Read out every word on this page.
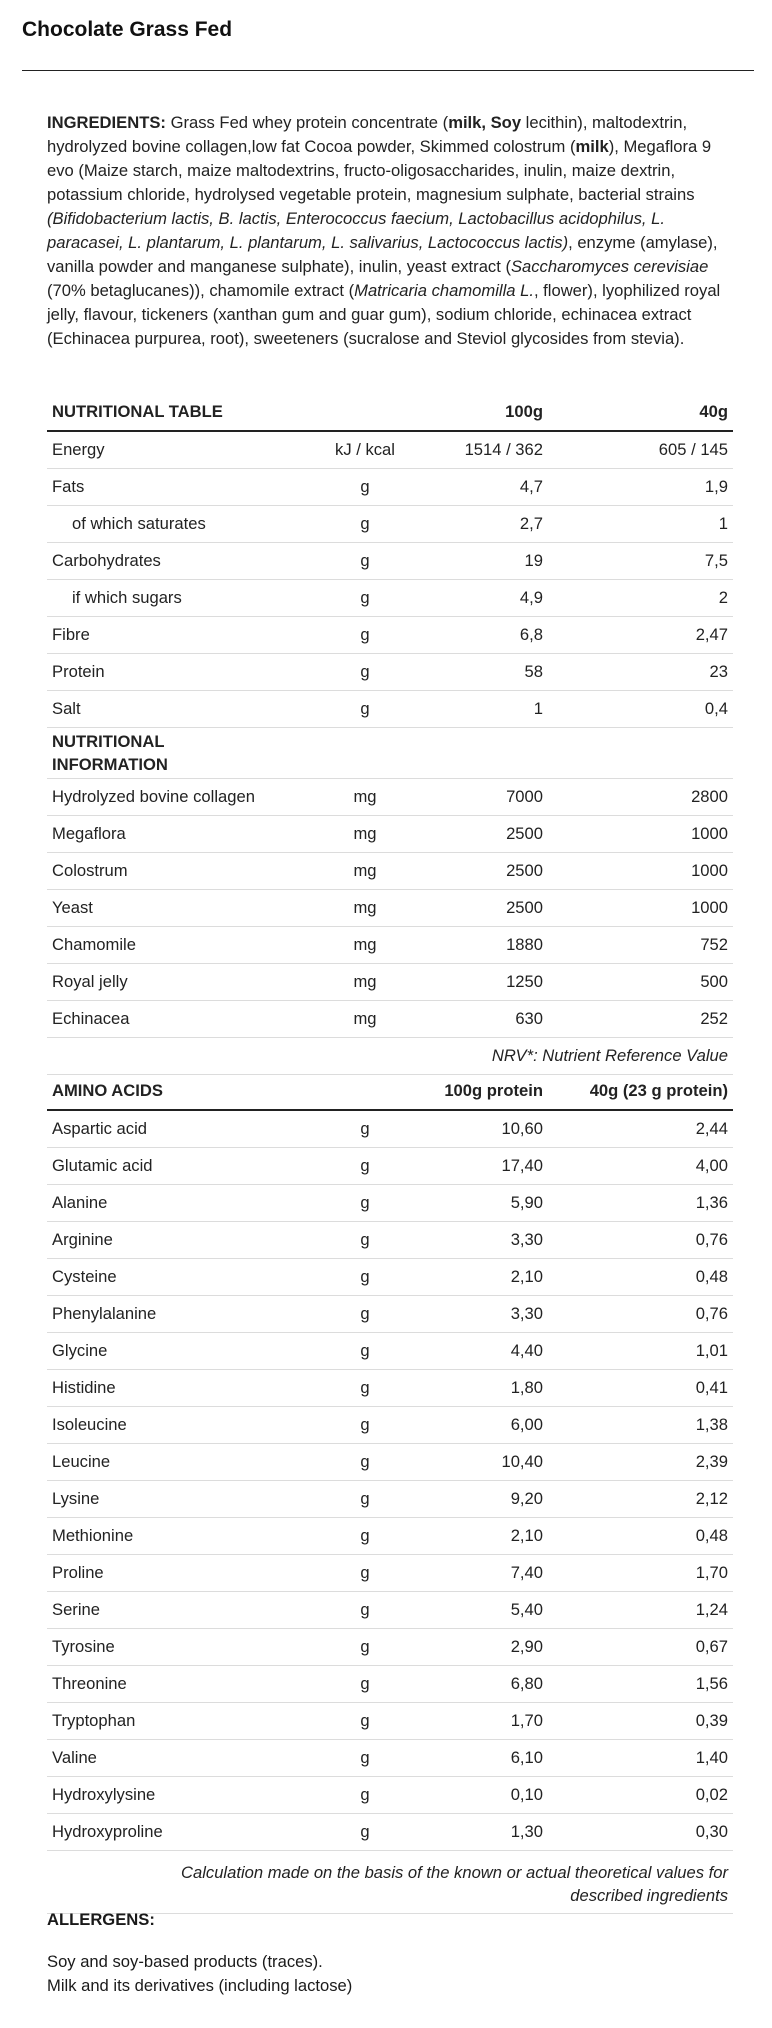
Chocolate Grass Fed
INGREDIENTS: Grass Fed whey protein concentrate (milk, Soy lecithin), maltodextrin, hydrolyzed bovine collagen,low fat Cocoa powder, Skimmed colostrum (milk), Megaflora 9 evo (Maize starch, maize maltodextrins, fructo-oligosaccharides, inulin, maize dextrin, potassium chloride, hydrolysed vegetable protein, magnesium sulphate, bacterial strains (Bifidobacterium lactis, B. lactis, Enterococcus faecium, Lactobacillus acidophilus, L. paracasei, L. plantarum, L. plantarum, L. salivarius, Lactococcus lactis), enzyme (amylase), vanilla powder and manganese sulphate), inulin, yeast extract (Saccharomyces cerevisiae (70% betaglucanes)), chamomile extract (Matricaria chamomilla L., flower), lyophilized royal jelly, flavour, tickeners (xanthan gum and guar gum), sodium chloride, echinacea extract (Echinacea purpurea, root), sweeteners (sucralose and Steviol glycosides from stevia).
NUTRITIONAL TABLE		100g	40g
Energy	kJ / kcal	1514 / 362	605 / 145
Fats	g	4,7	1,9
of which saturates	g	2,7	1
Carbohydrates	g	19	7,5
if which sugars	g	4,9	2
Fibre	g	6,8	2,47
Protein	g	58	23
Salt	g	1	0,4
NUTRITIONAL
INFORMATION			
Hydrolyzed bovine collagen	mg	7000	2800
Megaflora	mg	2500	1000
Colostrum	mg	2500	1000
Yeast	mg	2500	1000
Chamomile	mg	1880	752
Royal jelly	mg	1250	500
Echinacea	mg	630	252
NRV*: Nutrient Reference Value			
AMINO ACIDS		100g protein	40g (23 g protein)
Aspartic acid	g	10,60	2,44
Glutamic acid	g	17,40	4,00
Alanine	g	5,90	1,36
Arginine	g	3,30	0,76
Cysteine	g	2,10	0,48
Phenylalanine	g	3,30	0,76
Glycine	g	4,40	1,01
Histidine	g	1,80	0,41
Isoleucine	g	6,00	1,38
Leucine	g	10,40	2,39
Lysine	g	9,20	2,12
Methionine	g	2,10	0,48
Proline	g	7,40	1,70
Serine	g	5,40	1,24
Tyrosine	g	2,90	0,67
Threonine	g	6,80	1,56
Tryptophan	g	1,70	0,39
Valine	g	6,10	1,40
Hydroxylysine	g	0,10	0,02
Hydroxyproline	g	1,30	0,30
Calculation made on the basis of the known or actual theoretical values for described ingredients			
ALLERGENS:
Soy and soy-based products (traces).
Milk and its derivatives (including lactose)
